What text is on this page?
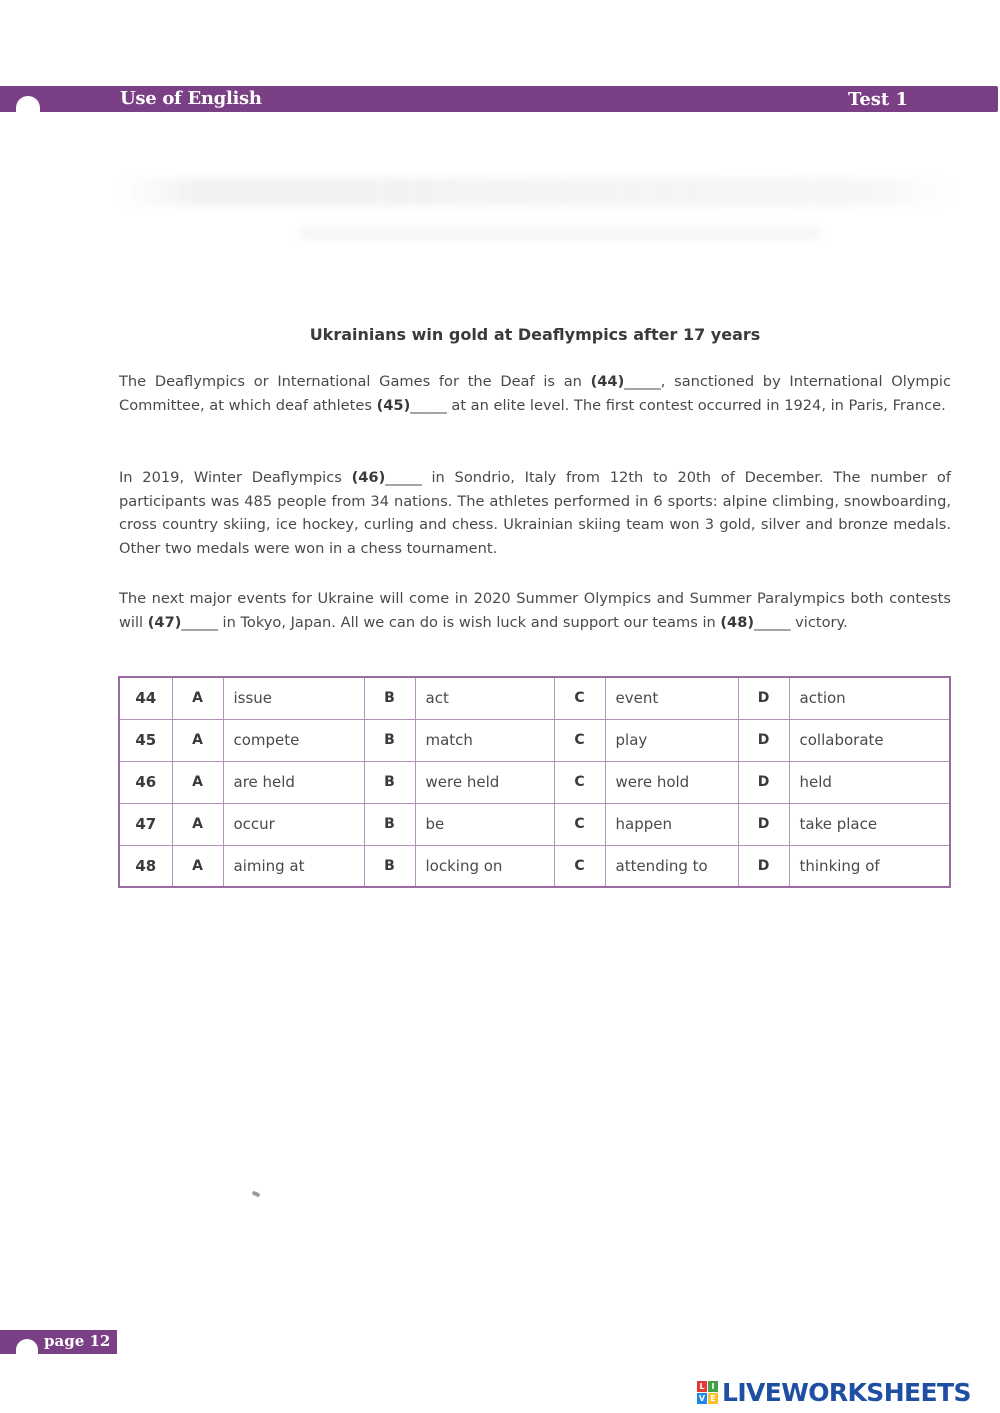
Use of English	Test 1
Ukrainians win gold at Deaflympics after 17 years
The Deaflympics or International Games for the Deaf is an (44)_____, sanctioned by International Olympic Committee, at which deaf athletes (45)_____ at an elite level. The first contest occurred in 1924, in Paris, France.
In 2019, Winter Deaflympics (46)_____ in Sondrio, Italy from 12th to 20th of December. The number of participants was 485 people from 34 nations. The athletes performed in 6 sports: alpine climbing, snowboarding, cross country skiing, ice hockey, curling and chess. Ukrainian skiing team won 3 gold, silver and bronze medals. Other two medals were won in a chess tournament.
The next major events for Ukraine will come in 2020 Summer Olympics and Summer Paralympics both contests will (47)_____ in Tokyo, Japan. All we can do is wish luck and support our teams in (48)_____ victory.
44	A	issue	B	act	C	event	D	action
45	A	compete	B	match	C	play	D	collaborate
46	A	are held	B	were held	C	were hold	D	held
47	A	occur	B	be	C	happen	D	take place
48	A	aiming at	B	locking on	C	attending to	D	thinking of
page 12
L I
V E LIVEWORKSHEETS
